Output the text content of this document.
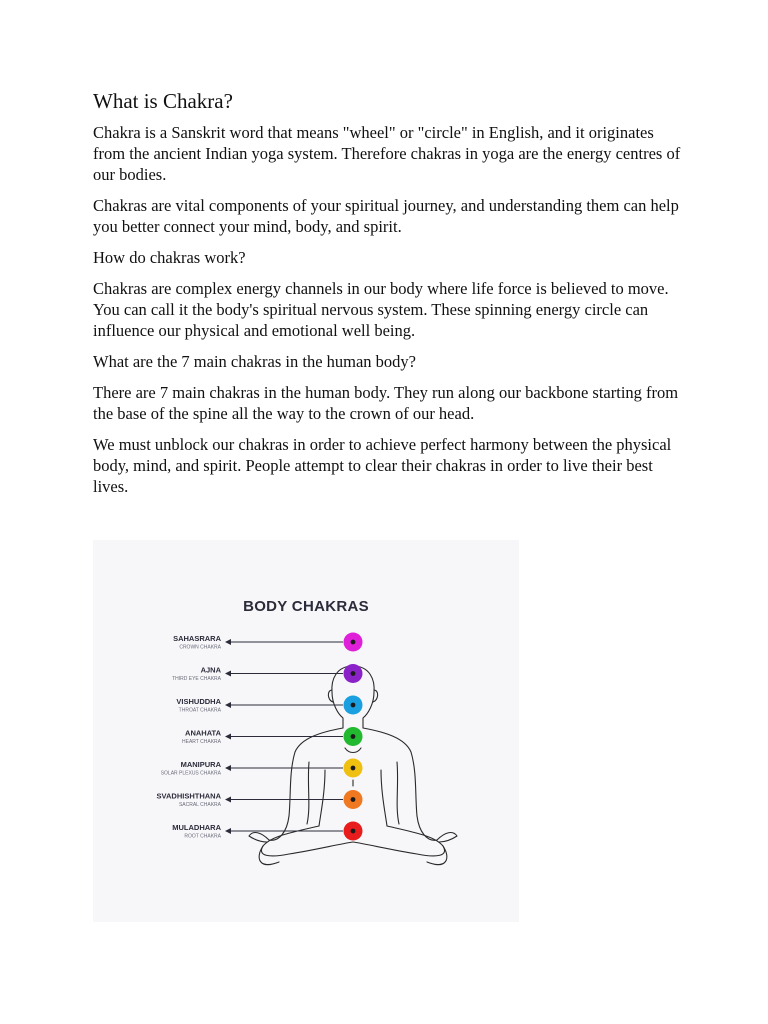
What is Chakra?

Chakra is a Sanskrit word that means "wheel" or "circle" in English, and it originates from the ancient Indian yoga system. Therefore chakras in yoga are the energy centres of our bodies.

Chakras are vital components of your spiritual journey, and understanding them can help you better connect your mind, body, and spirit.

How do chakras work?

Chakras are complex energy channels in our body where life force is believed to move. You can call it the body's spiritual nervous system. These spinning energy circle can influence our physical and emotional well being.

What are the 7 main chakras in the human body?

There are 7 main chakras in the human body. They run along our backbone starting from the base of the spine all the way to the crown of our head.

We must unblock our chakras in order to achieve perfect harmony between the physical body, mind, and spirit. People attempt to clear their chakras in order to live their best lives.

BODY CHAKRAS
SAHASRARA
CROWN CHAKRA
AJNA
THIRD EYE CHAKRA
VISHUDDHA
THROAT CHAKRA
ANAHATA
HEART CHAKRA
MANIPURA
SOLAR PLEXUS CHAKRA
SVADHISHTHANA
SACRAL CHAKRA
MULADHARA
ROOT CHAKRA
